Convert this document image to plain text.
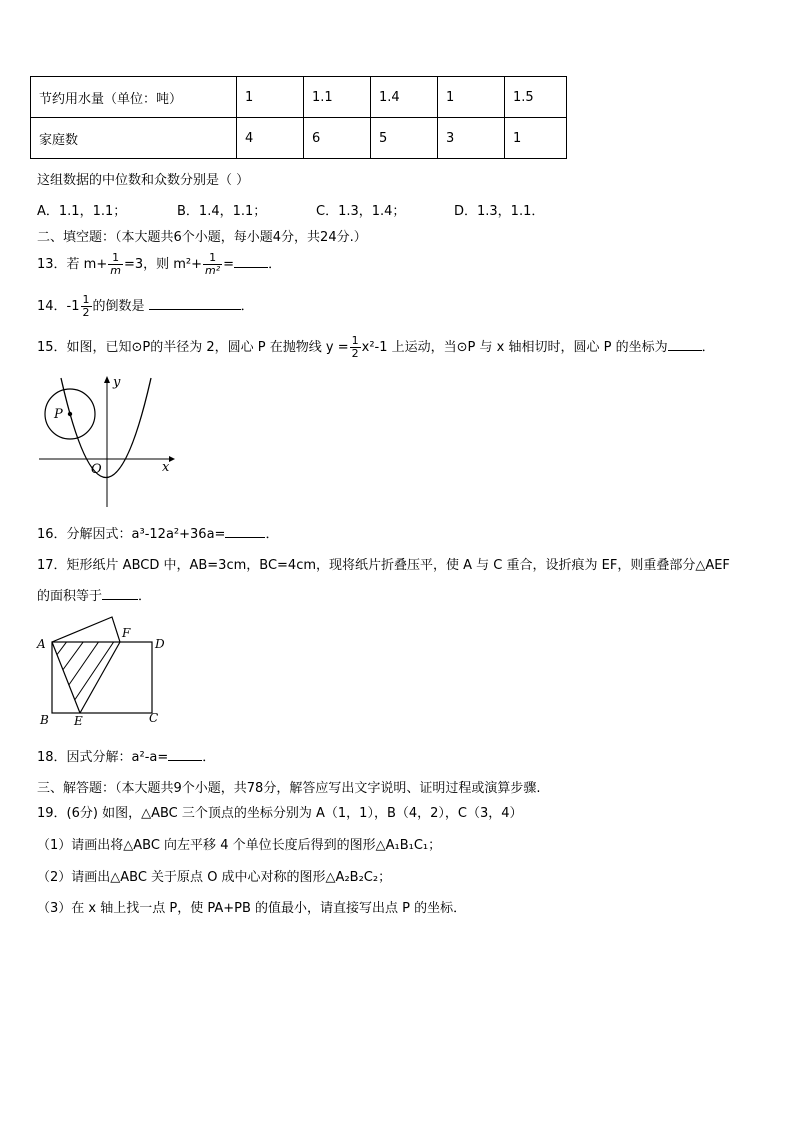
节约用水量（单位：吨）	1	1.1	1.4	1	1.5
家庭数	4	6	5	3	1
这组数据的中位数和众数分别是（ ）
A．1.1，1.1；	B．1.4，1.1；	C．1.3，1.4；	D．1.3，1.1．
二、填空题：（本大题共6个小题，每小题4分，共24分.）
13．若 $m+ \frac{1}{m} =3$，则 $m^2+ \frac{1}{\text{m²}}$ =	．
14．$-1 \frac{1}{2}$ 的倒数是	．
15．如图，已知⊙P的半径为 2，圆心 P 在抛物线 $y = \frac{1}{2} x^2-1$ 上运动，当⊙P 与 x 轴相切时，圆心 P 的坐标为	．
P
y
x
O
16．分解因式：a³-12a²+36a=	．
17．矩形纸片 ABCD 中，AB=3cm，BC=4cm，现将纸片折叠压平，使 A 与 C 重合，设折痕为 EF，则重叠部分△AEF
的面积等于	．
A
F
D
B E	C
18．因式分解：a²-a=	．
三、解答题：（本大题共9个小题，共78分，解答应写出文字说明、证明过程或演算步骤.
19．(6分) 如图，△ABC 三个顶点的坐标分别为 A（1，1），B（4，2），C（3，4）
（1）请画出将△ABC 向左平移 4 个单位长度后得到的图形△A₁B₁C₁；
（2）请画出△ABC 关于原点 O 成中心对称的图形△A₂B₂C₂；
（3）在 x 轴上找一点 P，使 PA+PB 的值最小，请直接写出点 P 的坐标．
